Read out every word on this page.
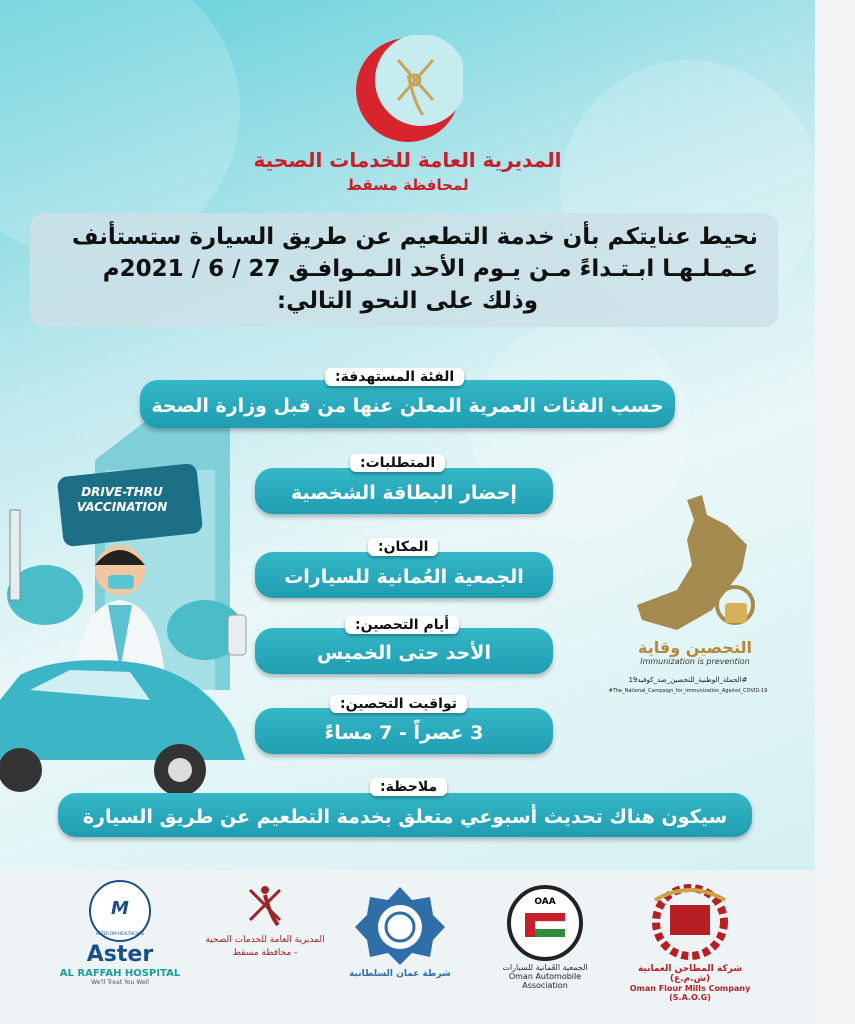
المديرية العامة للخدمات الصحية
لمحافظة مسقط
نحيط عنايتكم بأن خدمة التطعيم عن طريق السيارة ستستأنف
عـمـلـهـا ابـتـداءً مـن يـوم الأحد الـمـوافـق 27 / 6 / 2021م
وذلك على النحو التالي:
DRIVE-THRU
VACCINATION
حسب الفئات العمرية المعلن عنها من قبل وزارة الصحة
الفئة المستهدفة:
إحضار البطاقة الشخصية
المتطلبات:
الجمعية العُمانية للسيارات
المكان:
الأحد حتى الخميس
أيام التحصين:
3 عصراً - 7 مساءً
تواقيت التحصين:
سيكون هناك تحديث أسبوعي متعلق بخدمة التطعيم عن طريق السيارة
ملاحظة:
التحصين وقاية
Immunization is prevention
#الحملة_الوطنية_للتحصين_ضد_كوفيد19
#The_National_Campaign_for_immunization_Against_COVID-19
شركة المطاحن العمانية (ش.م.ع)
Oman Flour Mills Company (S.A.O.G)
OAA
الجمعية العُمانية للسيارات
Oman Automobile Association
شرطة عمان السلطانية
المديرية العامة للخدمات الصحية - محافظة مسقط
M
ASTER DM HEALTHCARE
Aster
AL RAFFAH HOSPITAL
We'll Treat You Well
